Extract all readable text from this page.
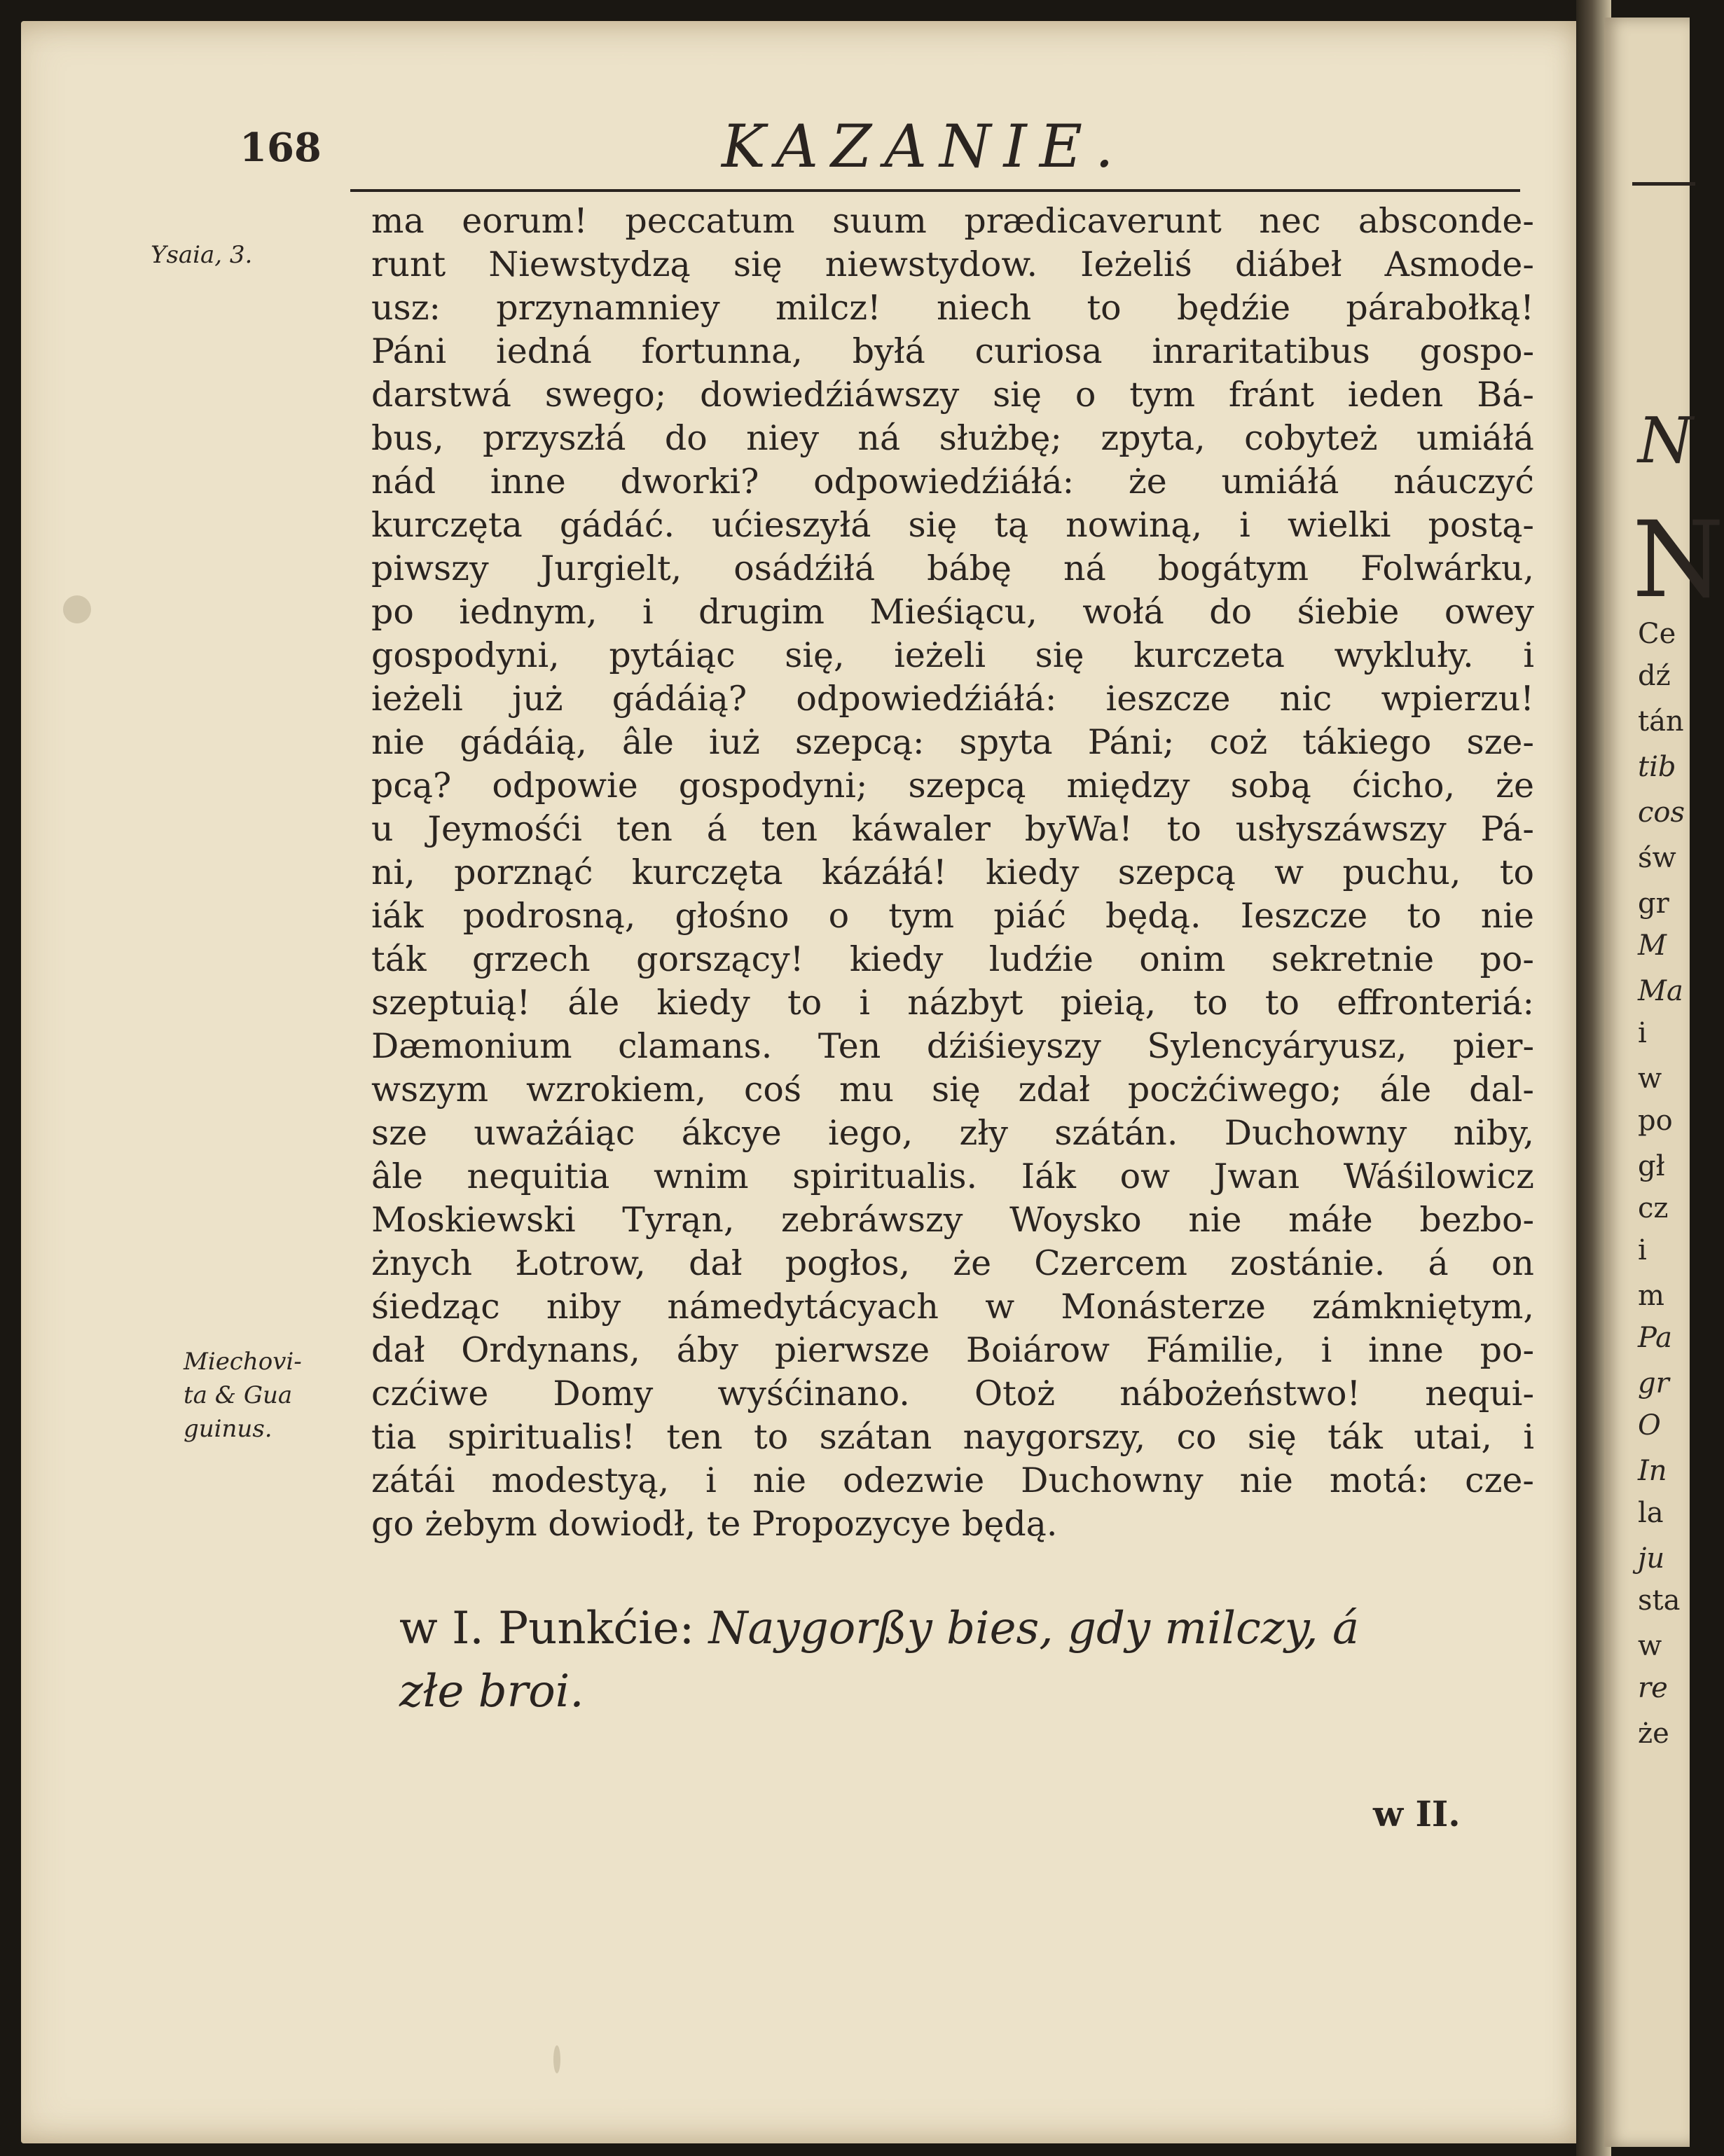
168	KAZANIE.
Ysaia, 3.
Miechovi-
ta & Gua
guinus.
ma eorum! peccatum suum prædicaverunt nec absconde-
runt Niewstydzą się niewstydow. Ieżeliś diábeł Asmode-
usz: przynamniey milcz! niech to będźie párabołką!
Páni iedná fortunna, byłá curiosa inraritatibus gospo-
darstwá swego; dowiedźiáwszy się o tym fránt ieden Bá-
bus, przyszłá do niey ná służbę; zpyta, cobyteż umiáłá
nád inne dworki? odpowiedźiáłá: że umiáłá náuczyć
kurczęta gádáć. ućieszyłá się tą nowiną, i wielki postą-
piwszy Jurgielt, osádźiłá bábę ná bogátym Folwárku,
po iednym, i drugim Mieśiącu, wołá do śiebie owey
gospodyni, pytáiąc się, ieżeli się kurczeta wykluły. i
ieżeli już gádáią? odpowiedźiáłá: ieszcze nic wpierzu!
nie gádáią, âle iuż szepcą: spyta Páni; coż tákiego sze-
pcą? odpowie gospodyni; szepcą między sobą ćicho, że
u Jeymośći ten á ten káwaler byWa! to usłyszáwszy Pá-
ni, porznąć kurczęta kázáłá! kiedy szepcą w puchu, to
iák podrosną, głośno o tym piáć będą. Ieszcze to nie
ták grzech gorszący! kiedy ludźie onim sekretnie po-
szeptuią! ále kiedy to i názbyt pieią, to to effronteriá:
Dæmonium clamans. Ten dźiśieyszy Sylencyáryusz, pier-
wszym wzrokiem, coś mu się zdał pocżćiwego; ále dal-
sze uważáiąc ákcye iego, zły szátán. Duchowny niby,
âle nequitia wnim spiritualis. Iák ow Jwan Wáśilowicz
Moskiewski Tyrąn, zebráwszy Woysko nie máłe bezbo-
żnych Łotrow, dał pogłos, że Czercem zostánie. á on
śiedząc niby námedytácyach w Monásterze zámkniętym,
dał Ordynans, áby pierwsze Boiárow Fámilie, i inne po-
czćiwe Domy wyśćinano. Otoż nábożeństwo! nequi-
tia spiritualis! ten to szátan naygorszy, co się ták utai, i
zátái modestyą, i nie odezwie Duchowny nie motá: cze-
go żebym dowiodł, te Propozycye będą.
w I. Punkćie: Naygorßy bies, gdy milczy, á
złe broi.
w II.
N
N
Ce
dź
tán
tib
cos
św
gr
M
Ma
i
w
po
gł
cz
i
m
Pa
gr
O
In
la
ju
sta
w
re
że
